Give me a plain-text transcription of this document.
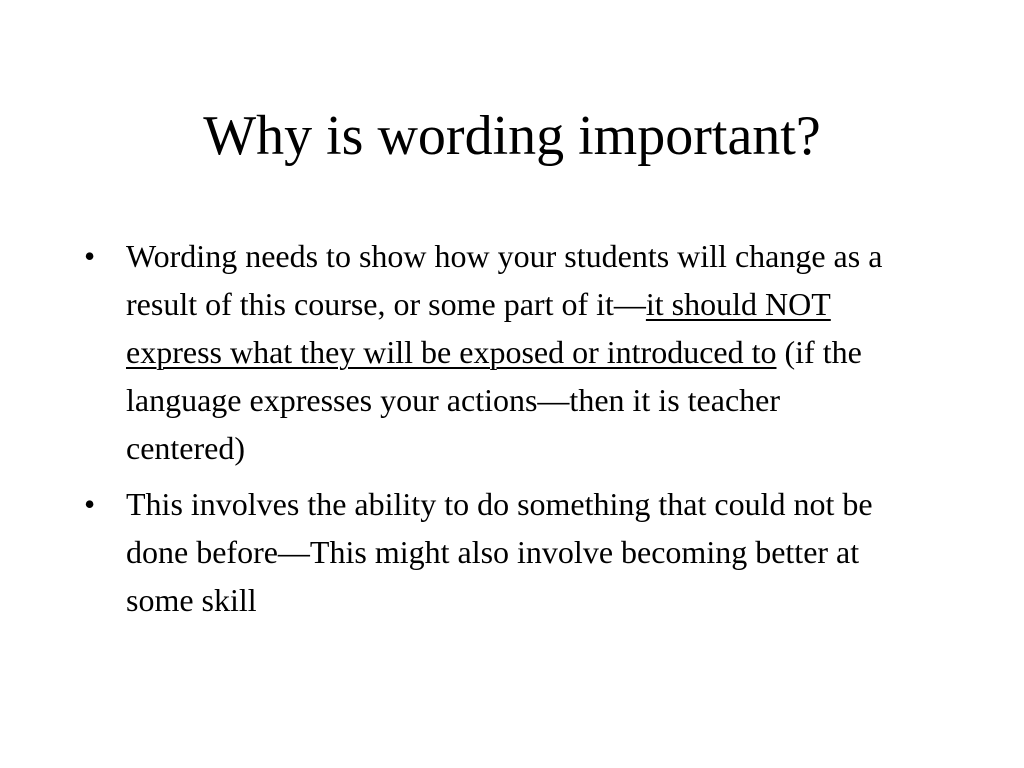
Why is wording important?
• Wording needs to show how your students will change as a result of this course, or some part of it—it should NOT express what they will be exposed or introduced to (if the language expresses your actions—then it is teacher centered)
• This involves the ability to do something that could not be done before—This might also involve becoming better at some skill
